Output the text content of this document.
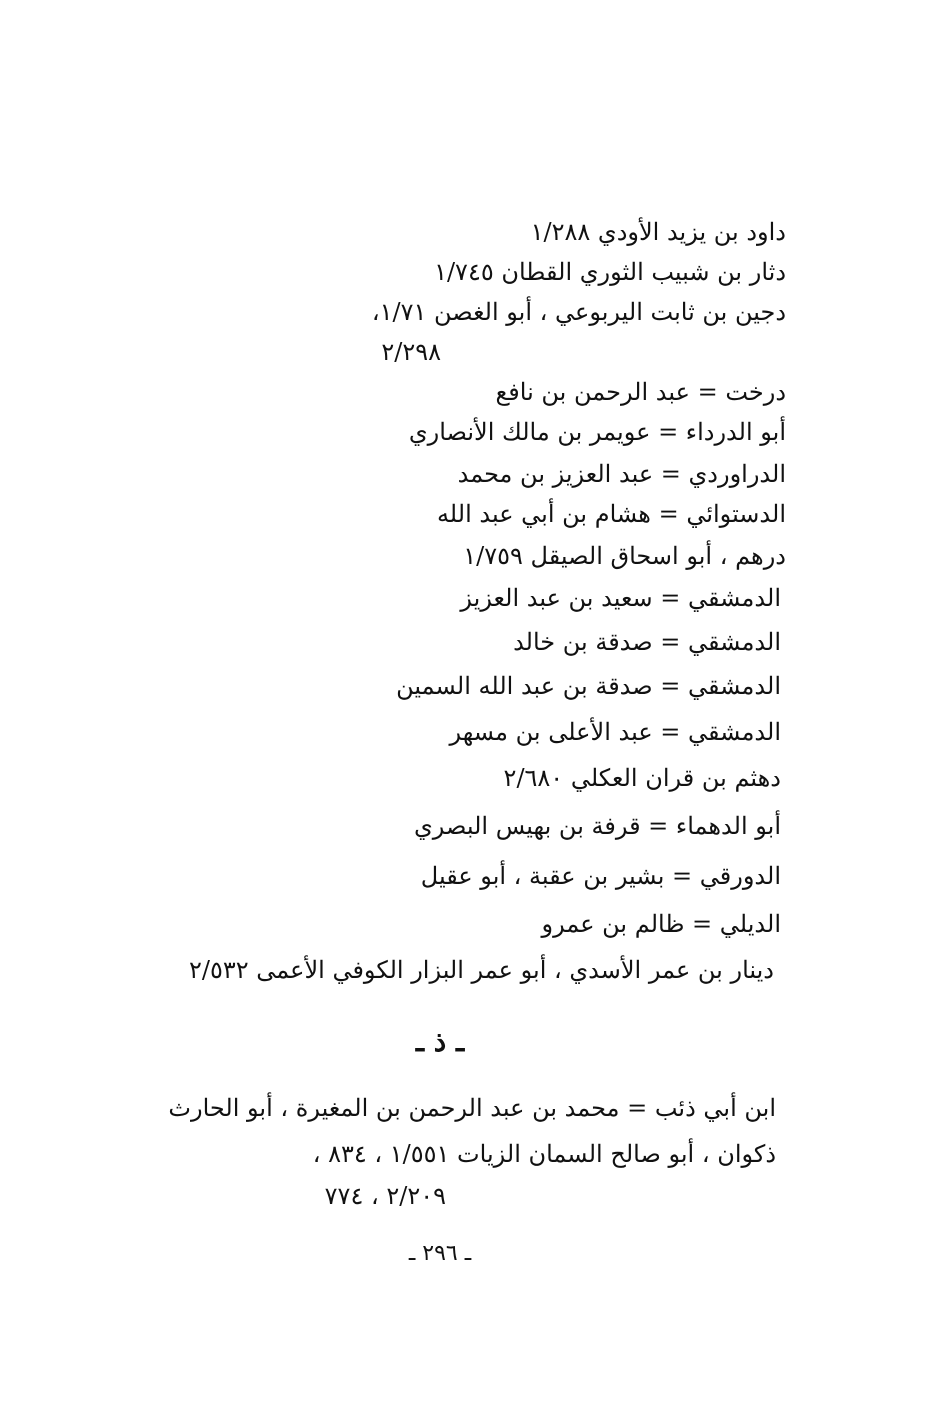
داود بن يزيد الأودي ١/٢٨٨
دثار بن شبيب الثوري القطان ١/٧٤٥
دجين بن ثابت اليربوعي ، أبو الغصن ١/٧١،
٢/٢٩٨
درخت = عبد الرحمن بن نافع
أبو الدرداء = عويمر بن مالك الأنصاري
الدراوردي = عبد العزيز بن محمد
الدستوائي = هشام بن أبي عبد الله
درهم ، أبو اسحاق الصيقل ١/٧٥٩
الدمشقي = سعيد بن عبد العزيز
الدمشقي = صدقة بن خالد
الدمشقي = صدقة بن عبد الله السمين
الدمشقي = عبد الأعلى بن مسهر
دهثم بن قران العكلي ٢/٦٨٠
أبو الدهماء = قرفة بن بهيس البصري
الدورقي = بشير بن عقبة ، أبو عقيل
الديلي = ظالم بن عمرو
دينار بن عمر الأسدي ، أبو عمر البزار الكوفي الأعمى ٢/٥٣٢
ـ ذ ـ
ابن أبي ذئب = محمد بن عبد الرحمن بن المغيرة ، أبو الحارث
ذكوان ، أبو صالح السمان الزيات ١/٥٥١ ، ٨٣٤ ،
٢/٢٠٩ ، ٧٧٤
ـ ٢٩٦ ـ
